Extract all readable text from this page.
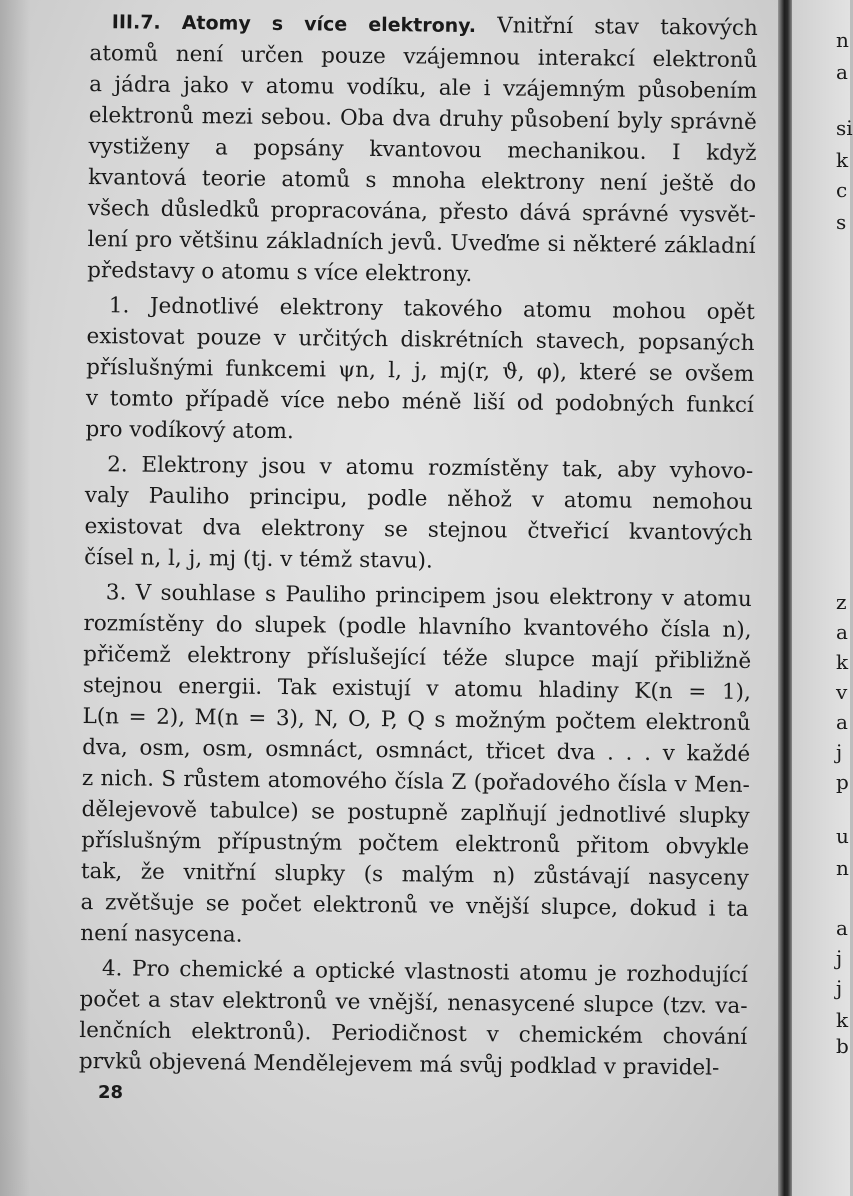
III.7. Atomy s více elektrony. Vnitřní stav takových

atomů není určen pouze vzájemnou interakcí elektronů

a jádra jako v atomu vodíku, ale i vzájemným působením

elektronů mezi sebou. Oba dva druhy působení byly správně

vystiženy a popsány kvantovou mechanikou. I když

kvantová teorie atomů s mnoha elektrony není ještě do

všech důsledků propracována, přesto dává správné vysvět-

lení pro většinu základních jevů. Uveďme si některé základní

představy o atomu s více elektrony.

1. Jednotlivé elektrony takového atomu mohou opět

existovat pouze v určitých diskrétních stavech, popsaných

příslušnými funkcemi ψn, l, j, mj(r, ϑ, φ), které se ovšem

v tomto případě více nebo méně liší od podobných funkcí

pro vodíkový atom.

2. Elektrony jsou v atomu rozmístěny tak, aby vyhovo-

valy Pauliho principu, podle něhož v atomu nemohou

existovat dva elektrony se stejnou čtveřicí kvantových

čísel n, l, j, mj (tj. v témž stavu).

3. V souhlase s Pauliho principem jsou elektrony v atomu

rozmístěny do slupek (podle hlavního kvantového čísla n),

přičemž elektrony příslušející téže slupce mají přibližně

stejnou energii. Tak existují v atomu hladiny K(n = 1),

L(n = 2), M(n = 3), N, O, P, Q s možným počtem elektronů

dva, osm, osm, osmnáct, osmnáct, třicet dva . . . v každé

z nich. S růstem atomového čísla Z (pořadového čísla v Men-

dělejevově tabulce) se postupně zaplňují jednotlivé slupky

příslušným přípustným počtem elektronů přitom obvykle

tak, že vnitřní slupky (s malým n) zůstávají nasyceny

a zvětšuje se počet elektronů ve vnější slupce, dokud i ta

není nasycena.

4. Pro chemické a optické vlastnosti atomu je rozhodující

počet a stav elektronů ve vnější, nenasycené slupce (tzv. va-

lenčních elektronů). Periodičnost v chemickém chování

prvků objevená Mendělejevem má svůj podklad v pravidel-

28
n
a
si
k
c
s
z
a
k
v
a
j
p
u
n
a
j
j
k
b
